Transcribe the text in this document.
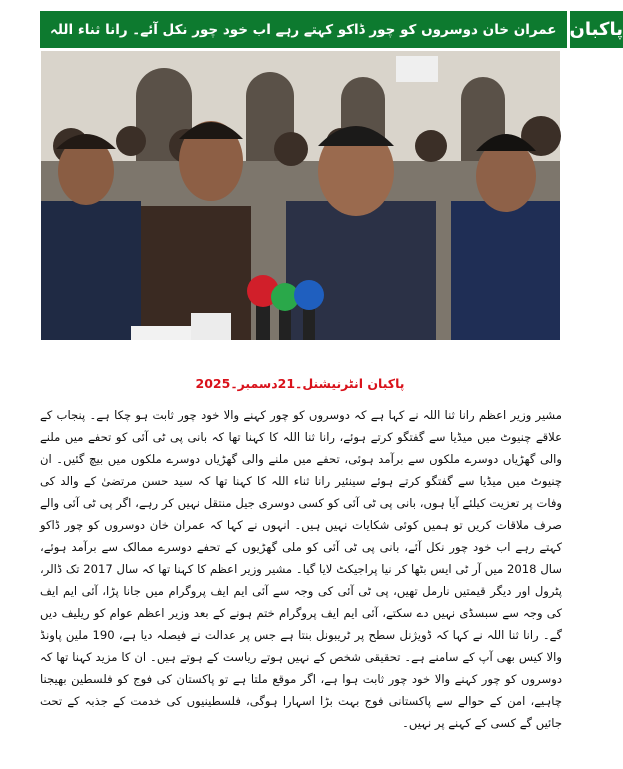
عمران خان دوسروں کو چور ڈاکو کہتے رہے اب خود چور نکل آئے۔ رانا ثناء اللہ پاکبان
پاکبان انٹرنیشنل۔21دسمبر۔2025

مشیر وزیر اعظم رانا ثنا اللہ نے کہا ہے کہ دوسروں کو چور کہنے والا خود چور ثابت ہو چکا ہے۔ پنجاب کے علاقے چنیوٹ میں میڈیا سے گفتگو کرتے ہوئے، رانا ثنا اللہ کا کہنا تھا کہ بانی پی ٹی آئی کو تحفے میں ملنے والی گھڑیاں دوسرے ملکوں سے برآمد ہوئی، تحفے میں ملنے والی گھڑیاں دوسرے ملکوں میں بیچ گئیں۔ ان چنیوٹ میں میڈیا سے گفتگو کرتے ہوئے سینئیر رانا ثناء اللہ کا کہنا تھا کہ سید حسن مرتضیٰ کے والد کی وفات پر تعزیت کیلئے آیا ہوں، بانی پی ٹی آئی کو کسی دوسری جیل منتقل نہیں کر رہے، اگر پی ٹی آئی والے صرف ملاقات کریں تو ہمیں کوئی شکایات نہیں ہیں۔ انہوں نے کہا کہ عمران خان دوسروں کو چور ڈاکو کہتے رہے اب خود چور نکل آئے، بانی پی ٹی آئی کو ملی گھڑیوں کے تحفے دوسرے ممالک سے برآمد ہوئے، سال 2018 میں آر ٹی ایس بٹھا کر نیا پراجیکٹ لایا گیا۔ مشیر وزیر اعظم کا کہنا تھا کہ سال 2017 تک ڈالر، پٹرول اور دیگر قیمتیں نارمل تھیں، پی ٹی آئی کی وجہ سے آئی ایم ایف پروگرام میں جانا پڑا، آئی ایم ایف کی وجہ سے سبسڈی نہیں دے سکتے، آئی ایم ایف پروگرام ختم ہونے کے بعد وزیر اعظم عوام کو ریلیف دیں گے۔ رانا ثنا اللہ نے کہا کہ ڈویژنل سطح پر ٹریبونل بنتا ہے جس پر عدالت نے فیصلہ دیا ہے، 190 ملین پاونڈ والا کیس بھی آپ کے سامنے ہے۔ تحقیقی شخص کے نہیں ہوتے ریاست کے ہوتے ہیں۔ ان کا مزید کہنا تھا کہ دوسروں کو چور کہنے والا خود چور ثابت ہوا ہے، اگر موقع ملتا ہے تو پاکستان کی فوج کو فلسطین بھیجنا چاہیے، امن کے حوالے سے پاکستانی فوج بہت بڑا اسہارا ہوگی، فلسطینیوں کی خدمت کے جذبہ کے تحت جائیں گے کسی کے کہنے پر نہیں۔
